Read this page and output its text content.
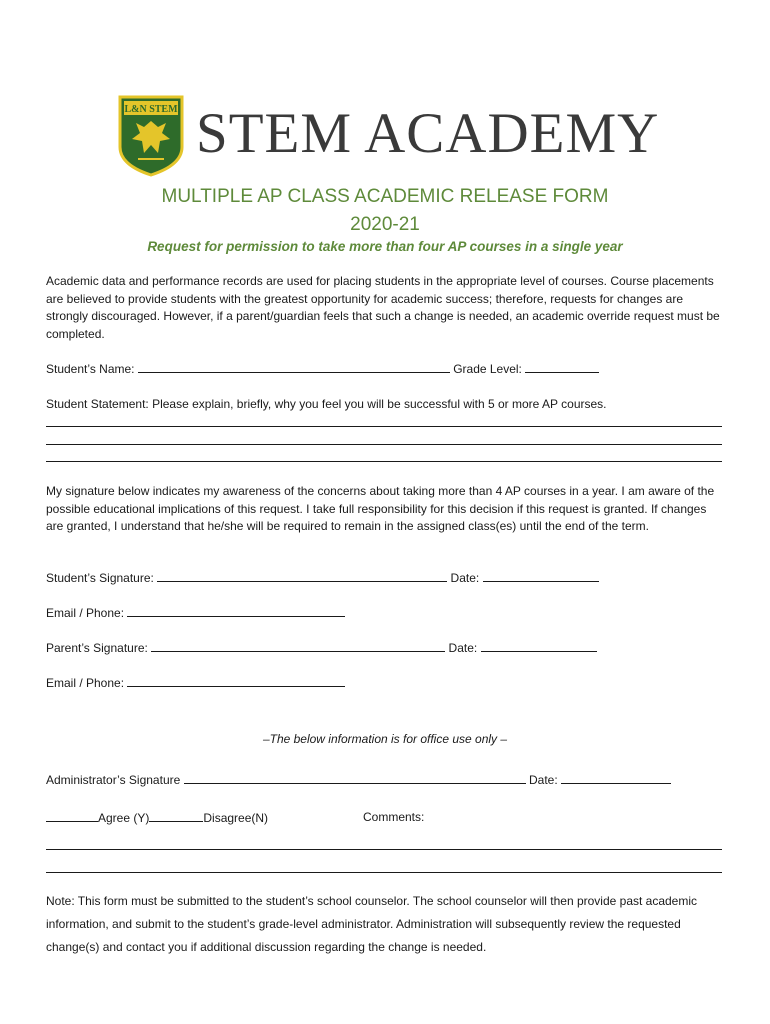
L&N STEM STEM ACADEMY
MULTIPLE AP CLASS ACADEMIC RELEASE FORM
2020-21
Request for permission to take more than four AP courses in a single year
Academic data and performance records are used for placing students in the appropriate level of courses. Course placements are believed to provide students with the greatest opportunity for academic success; therefore, requests for changes are strongly discouraged. However, if a parent/guardian feels that such a change is needed, an academic override request must be completed.
Student’s Name:	Grade Level:
Student Statement: Please explain, briefly, why you feel you will be successful with 5 or more AP courses.
My signature below indicates my awareness of the concerns about taking more than 4 AP courses in a year. I am aware of the possible educational implications of this request. I take full responsibility for this decision if this request is granted. If changes are granted, I understand that he/she will be required to remain in the assigned class(es) until the end of the term.
Student’s Signature:	Date:
Email / Phone:
Parent’s Signature:	Date:
Email / Phone:
–The below information is for office use only –
Administrator’s Signature	Date:
Agree (Y)	Disagree(N)	Comments:
Note: This form must be submitted to the student’s school counselor. The school counselor will then provide past academic information, and submit to the student’s grade-level administrator. Administration will subsequently review the requested change(s) and contact you if additional discussion regarding the change is needed.
